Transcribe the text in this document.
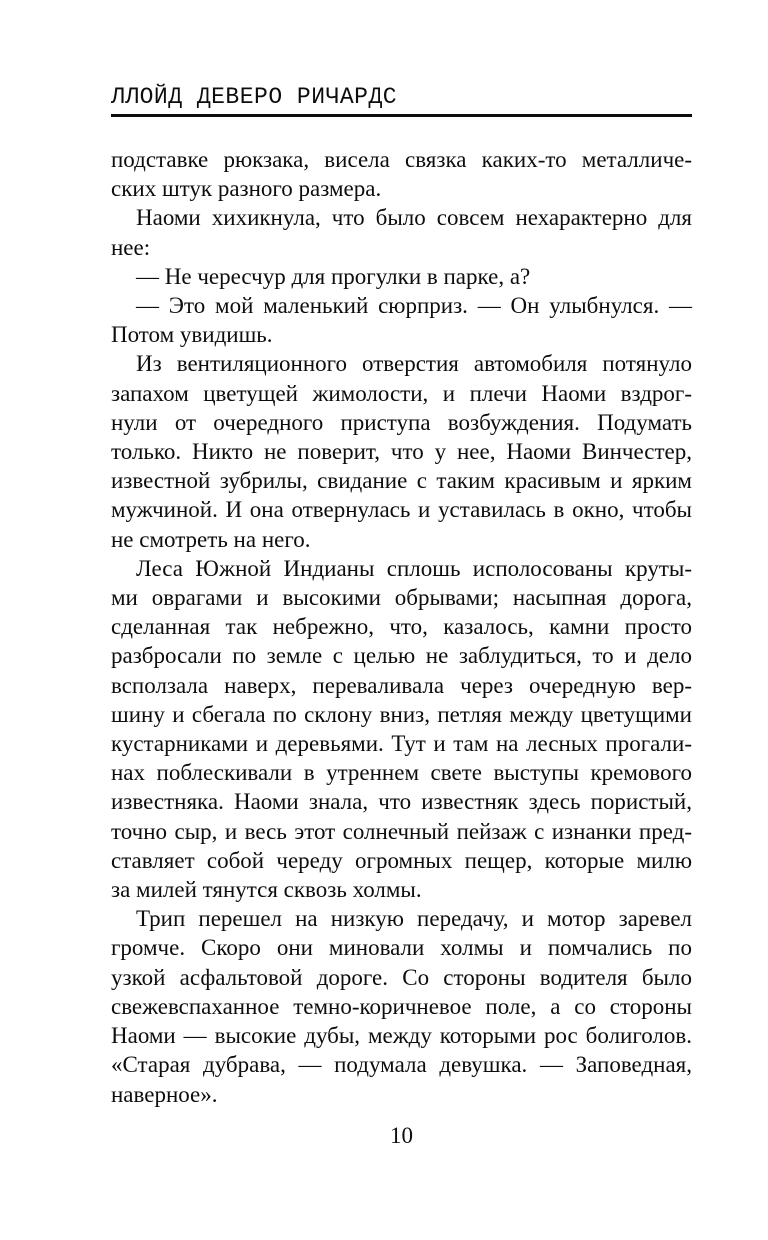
ЛЛОЙД ДЕВЕРО РИЧАРДС
подставке рюкзака, висела связка каких-то металличе-
ских штук разного размера.
Наоми хихикнула, что было совсем нехарактерно для
нее:
— Не чересчур для прогулки в парке, а?
— Это мой маленький сюрприз. — Он улыбнулся. —
Потом увидишь.
Из вентиляционного отверстия автомобиля потянуло
запахом цветущей жимолости, и плечи Наоми вздрог-
нули от очередного приступа возбуждения. Подумать
только. Никто не поверит, что у нее, Наоми Винчестер,
известной зубрилы, свидание с таким красивым и ярким
мужчиной. И она отвернулась и уставилась в окно, чтобы
не смотреть на него.
Леса Южной Индианы сплошь исполосованы круты-
ми оврагами и высокими обрывами; насыпная дорога,
сделанная так небрежно, что, казалось, камни просто
разбросали по земле с целью не заблудиться, то и дело
всползала наверх, переваливала через очередную вер-
шину и сбегала по склону вниз, петляя между цветущими
кустарниками и деревьями. Тут и там на лесных прогали-
нах поблескивали в утреннем свете выступы кремового
известняка. Наоми знала, что известняк здесь пористый,
точно сыр, и весь этот солнечный пейзаж с изнанки пред-
ставляет собой череду огромных пещер, которые милю
за милей тянутся сквозь холмы.
Трип перешел на низкую передачу, и мотор заревел
громче. Скоро они миновали холмы и помчались по
узкой асфальтовой дороге. Со стороны водителя было
свежевспаханное темно-коричневое поле, а со стороны
Наоми — высокие дубы, между которыми рос болиголов.
«Старая дубрава, — подумала девушка. — Заповедная,
наверное».
10
